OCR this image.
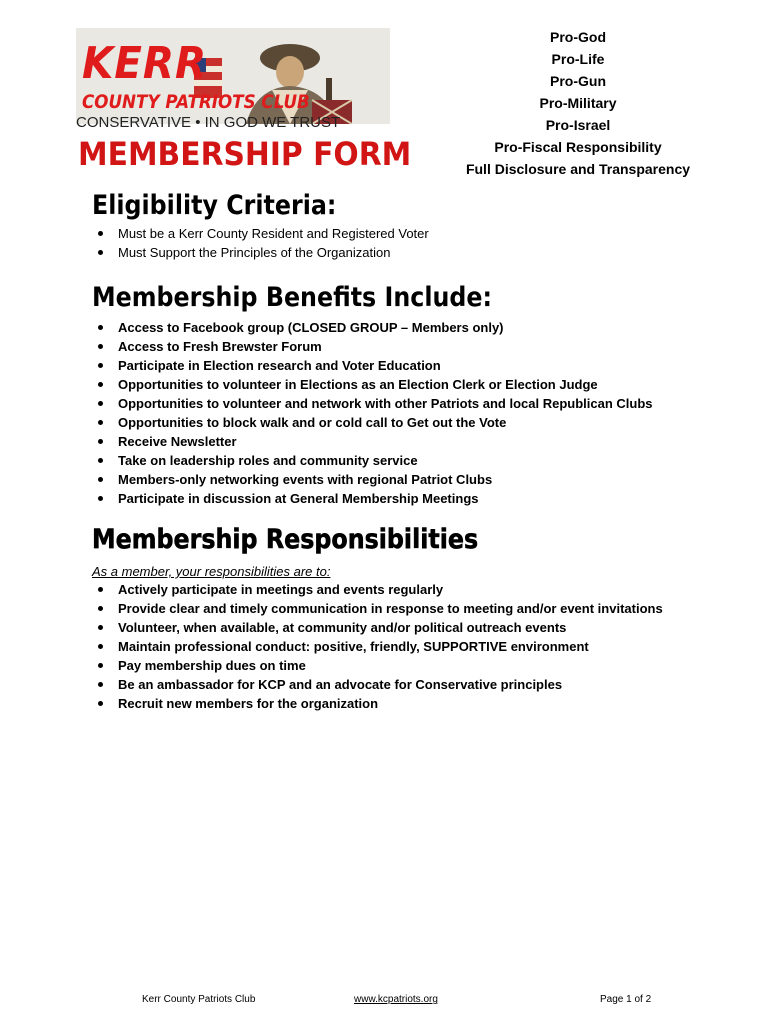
KERR
COUNTY PATRIOTS CLUB
CONSERVATIVE • IN GOD WE TRUST
MEMBERSHIP FORM
Pro-God
Pro-Life
Pro-Gun
Pro-Military
Pro-Israel
Pro-Fiscal Responsibility
Full Disclosure and Transparency
Eligibility Criteria:
Must be a Kerr County Resident and Registered Voter
Must Support the Principles of the Organization
Membership Benefits Include:
Access to Facebook group (CLOSED GROUP – Members only)
Access to Fresh Brewster Forum
Participate in Election research and Voter Education
Opportunities to volunteer in Elections as an Election Clerk or Election Judge
Opportunities to volunteer and network with other Patriots and local Republican Clubs
Opportunities to block walk and or cold call to Get out the Vote
Receive Newsletter
Take on leadership roles and community service
Members-only networking events with regional Patriot Clubs
Participate in discussion at General Membership Meetings
Membership Responsibilities
As a member, your responsibilities are to:
Actively participate in meetings and events regularly
Provide clear and timely communication in response to meeting and/or event invitations
Volunteer, when available, at community and/or political outreach events
Maintain professional conduct: positive, friendly, SUPPORTIVE environment
Pay membership dues on time
Be an ambassador for KCP and an advocate for Conservative principles
Recruit new members for the organization
Kerr County Patriots Club	www.kcpatriots.org	Page 1 of 2
